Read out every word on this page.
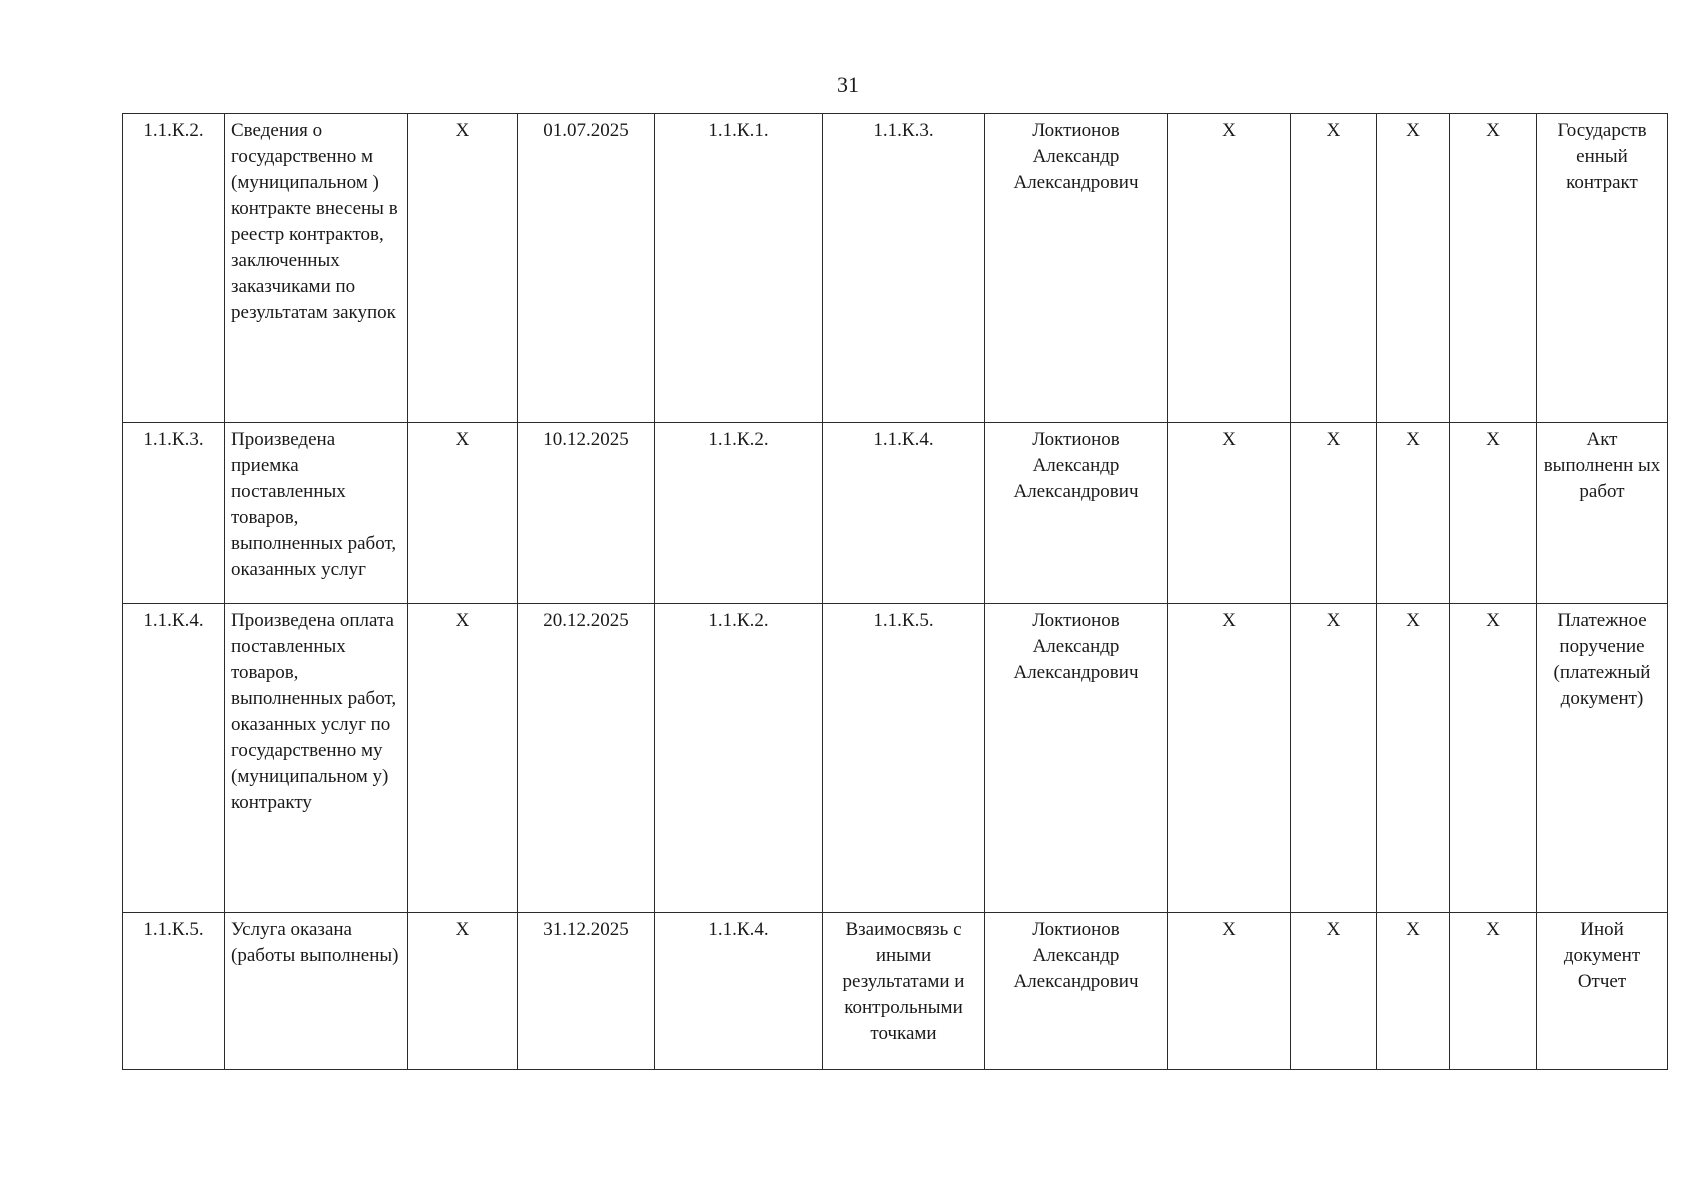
31
1.1.К.2.	Сведения о государственно м (муниципальном ) контракте внесены в реестр контрактов, заключенных заказчиками по результатам закупок	X	01.07.2025	1.1.К.1.	1.1.К.3.	Локтионов Александр Александрович	X	X	X	X	Государств енный контракт
1.1.К.3.	Произведена приемка поставленных товаров, выполненных работ, оказанных услуг	X	10.12.2025	1.1.К.2.	1.1.К.4.	Локтионов Александр Александрович	X	X	X	X	Акт выполненн ых работ
1.1.К.4.	Произведена оплата поставленных товаров, выполненных работ, оказанных услуг по государственно му (муниципальном у) контракту	X	20.12.2025	1.1.К.2.	1.1.К.5.	Локтионов Александр Александрович	X	X	X	X	Платежное поручение (платежный документ)
1.1.К.5.	Услуга оказана (работы выполнены)	X	31.12.2025	1.1.К.4.	Взаимосвязь с иными результатами и контрольными точками	Локтионов Александр Александрович	X	X	X	X	Иной документ Отчет
